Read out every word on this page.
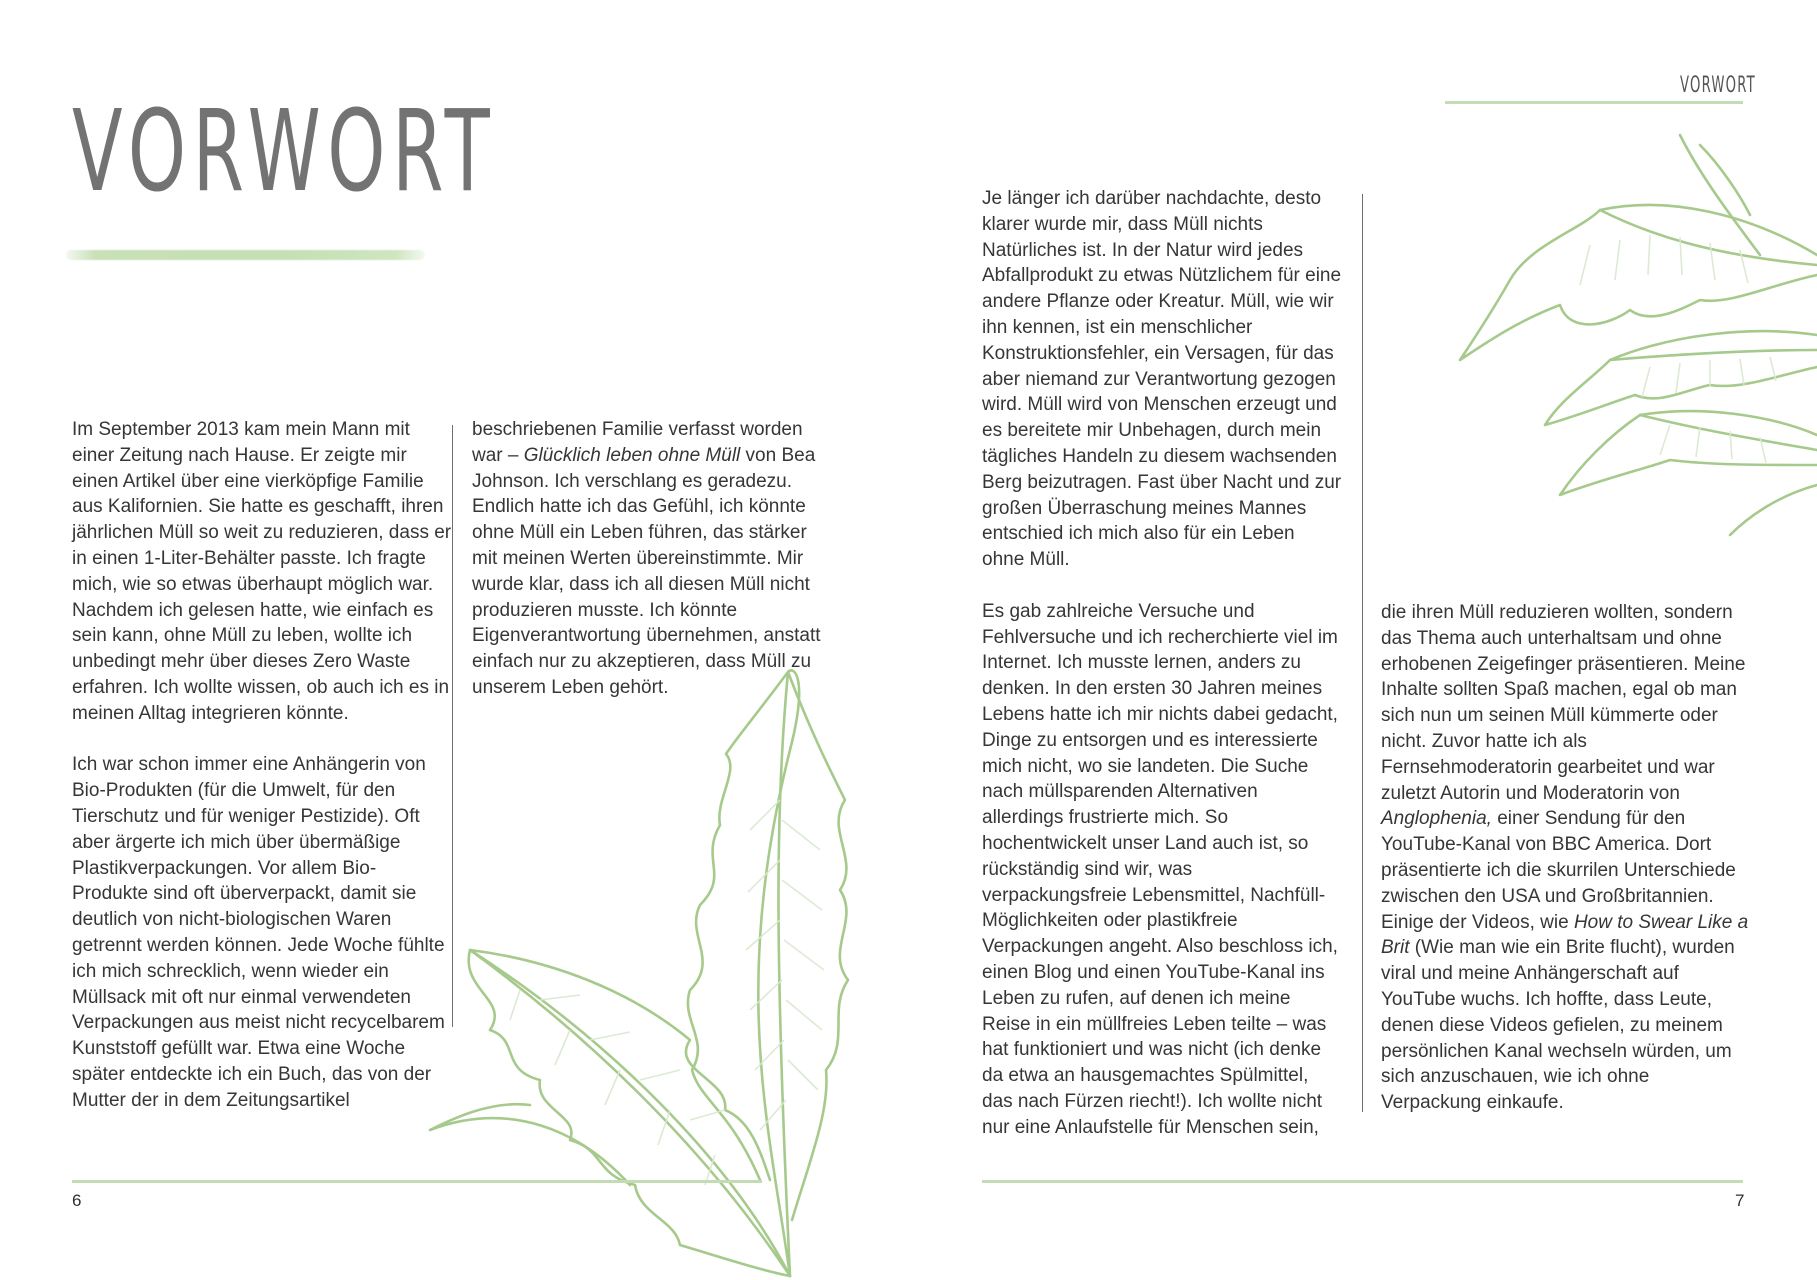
VORWORT

Im September 2013 kam mein Mann mit einer Zeitung nach Hause. Er zeigte mir einen Artikel über eine vierköpfige Familie aus Kalifornien. Sie hatte es geschafft, ihren jährlichen Müll so weit zu reduzieren, dass er in einen 1-Liter-Behälter passte. Ich fragte mich, wie so etwas überhaupt möglich war. Nachdem ich gelesen hatte, wie einfach es sein kann, ohne Müll zu leben, wollte ich unbedingt mehr über dieses Zero Waste erfahren. Ich wollte wissen, ob auch ich es in meinen Alltag integrieren könnte.

Ich war schon immer eine Anhängerin von Bio-Produkten (für die Umwelt, für den Tierschutz und für weniger Pestizide). Oft aber ärgerte ich mich über übermäßige Plastikverpackungen. Vor allem Bio-Produkte sind oft überverpackt, damit sie deutlich von nicht-biologischen Waren getrennt werden können. Jede Woche fühlte ich mich schrecklich, wenn wieder ein Müllsack mit oft nur einmal verwendeten Verpackungen aus meist nicht recycelbarem Kunststoff gefüllt war. Etwa eine Woche später entdeckte ich ein Buch, das von der Mutter der in dem Zeitungsartikel

beschriebenen Familie verfasst worden war – Glücklich leben ohne Müll von Bea Johnson. Ich verschlang es geradezu. Endlich hatte ich das Gefühl, ich könnte ohne Müll ein Leben führen, das stärker mit meinen Werten übereinstimmte. Mir wurde klar, dass ich all diesen Müll nicht produzieren musste. Ich könnte Eigenverantwortung übernehmen, anstatt einfach nur zu akzeptieren, dass Müll zu unserem Leben gehört.

6
VORWORT

Je länger ich darüber nachdachte, desto klarer wurde mir, dass Müll nichts Natürliches ist. In der Natur wird jedes Abfallprodukt zu etwas Nützlichem für eine andere Pflanze oder Kreatur. Müll, wie wir ihn kennen, ist ein menschlicher Konstruktionsfehler, ein Versagen, für das aber niemand zur Verantwortung gezogen wird. Müll wird von Menschen erzeugt und es bereitete mir Unbehagen, durch mein tägliches Handeln zu diesem wachsenden Berg beizutragen. Fast über Nacht und zur großen Überraschung meines Mannes entschied ich mich also für ein Leben ohne Müll.

Es gab zahlreiche Versuche und Fehlversuche und ich recherchierte viel im Internet. Ich musste lernen, anders zu denken. In den ersten 30 Jahren meines Lebens hatte ich mir nichts dabei gedacht, Dinge zu entsorgen und es interessierte mich nicht, wo sie landeten. Die Suche nach müllsparenden Alternativen allerdings frustrierte mich. So hochentwickelt unser Land auch ist, so rückständig sind wir, was verpackungsfreie Lebensmittel, Nachfüll-Möglichkeiten oder plastikfreie Verpackungen angeht. Also beschloss ich, einen Blog und einen YouTube-Kanal ins Leben zu rufen, auf denen ich meine Reise in ein müllfreies Leben teilte – was hat funktioniert und was nicht (ich denke da etwa an hausgemachtes Spülmittel, das nach Fürzen riecht!). Ich wollte nicht nur eine Anlaufstelle für Menschen sein,

die ihren Müll reduzieren wollten, sondern das Thema auch unterhaltsam und ohne erhobenen Zeigefinger präsentieren. Meine Inhalte sollten Spaß machen, egal ob man sich nun um seinen Müll kümmerte oder nicht. Zuvor hatte ich als Fernsehmoderatorin gearbeitet und war zuletzt Autorin und Moderatorin von Anglophenia, einer Sendung für den YouTube-Kanal von BBC America. Dort präsentierte ich die skurrilen Unterschiede zwischen den USA und Großbritannien. Einige der Videos, wie How to Swear Like a Brit (Wie man wie ein Brite flucht), wurden viral und meine Anhängerschaft auf YouTube wuchs. Ich hoffte, dass Leute, denen diese Videos gefielen, zu meinem persönlichen Kanal wechseln würden, um sich anzuschauen, wie ich ohne Verpackung einkaufe.

7
